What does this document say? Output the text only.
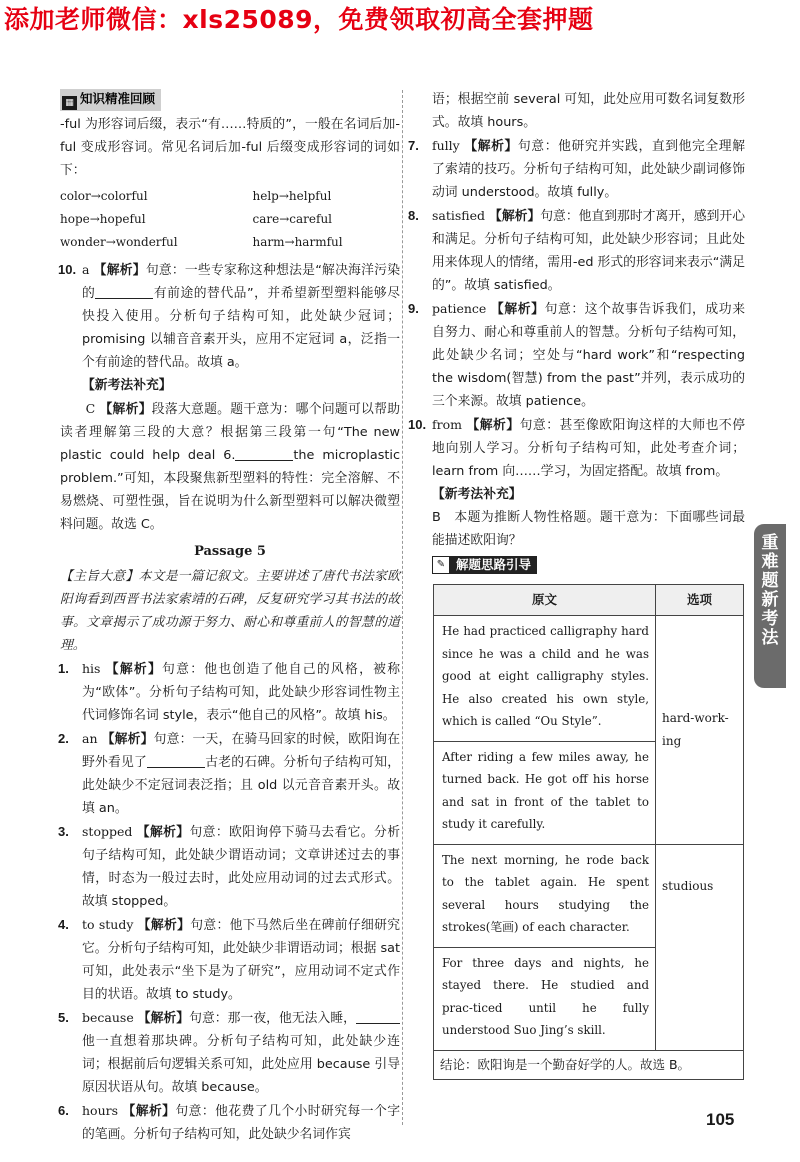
添加老师微信：xls25089，免费领取初高全套押题
▦ 知识精准回顾

-ful 为形容词后缀，表示“有……特质的”，一般在名词后加-ful 变成形容词。常见名词后加-ful 后缀变成形容词的词如下：

color→colorful	help→helpful
hope→hopeful	care→careful
wonder→wonderful	harm→harmful

10. a 【解析】句意：一些专家称这种想法是“解决海洋污染的	有前途的替代品”，并希望新型塑料能够尽快投入使用。分析句子结构可知，此处缺少冠词；promising 以辅音音素开头，应用不定冠词 a，泛指一个有前途的替代品。故填 a。

【新考法补充】

C 【解析】段落大意题。题干意为：哪个问题可以帮助读者理解第三段的大意？根据第三段第一句“The new plastic could help deal 6.	the microplastic problem.”可知，本段聚焦新型塑料的特性：完全溶解、不易燃烧、可塑性强，旨在说明为什么新型塑料可以解决微塑料问题。故选 C。

Passage 5

【主旨大意】本文是一篇记叙文。主要讲述了唐代书法家欧阳询看到西晋书法家索靖的石碑，反复研究学习其书法的故事。文章揭示了成功源于努力、耐心和尊重前人的智慧的道理。

1. his 【解析】句意：他也创造了他自己的风格，被称为“欧体”。分析句子结构可知，此处缺少形容词性物主代词修饰名词 style，表示“他自己的风格”。故填 his。

2. an 【解析】句意：一天，在骑马回家的时候，欧阳询在野外看见了	古老的石碑。分析句子结构可知，此处缺少不定冠词表泛指；且 old 以元音音素开头。故填 an。

3. stopped 【解析】句意：欧阳询停下骑马去看它。分析句子结构可知，此处缺少谓语动词；文章讲述过去的事情，时态为一般过去时，此处应用动词的过去式形式。故填 stopped。

4. to study 【解析】句意：他下马然后坐在碑前仔细研究它。分析句子结构可知，此处缺少非谓语动词；根据 sat 可知，此处表示“坐下是为了研究”，应用动词不定式作目的状语。故填 to study。

5. because 【解析】句意：那一夜，他无法入睡，他一直想着那块碑。分析句子结构可知，此处缺少连词；根据前后句逻辑关系可知，此处应用 because 引导原因状语从句。故填 because。

6. hours 【解析】句意：他花费了几个小时研究每一个字的笔画。分析句子结构可知，此处缺少名词作宾

语；根据空前 several 可知，此处应用可数名词复数形式。故填 hours。

7. fully 【解析】句意：他研究并实践，直到他完全理解了索靖的技巧。分析句子结构可知，此处缺少副词修饰动词 understood。故填 fully。

8. satisfied 【解析】句意：他直到那时才离开，感到开心和满足。分析句子结构可知，此处缺少形容词；且此处用来体现人的情绪，需用-ed 形式的形容词来表示“满足的”。故填 satisfied。

9. patience 【解析】句意：这个故事告诉我们，成功来自努力、耐心和尊重前人的智慧。分析句子结构可知，此处缺少名词；空处与“hard work”和“respecting the wisdom(智慧) from the past”并列，表示成功的三个来源。故填 patience。

10. from 【解析】句意：甚至像欧阳询这样的大师也不停地向别人学习。分析句子结构可知，此处考查介词；learn from 向……学习，为固定搭配。故填 from。

【新考法补充】

B　本题为推断人物性格题。题干意为：下面哪些词最能描述欧阳询？

✎ 解题思路引导
原文	选项
He had practiced calligraphy hard since he was a child and he was good at eight calligraphy styles. He also created his own style, which is called “Ou Style”.	hard-work-ing
After riding a few miles away, he turned back. He got off his horse and sat in front of the tablet to study it carefully.	
The next morning, he rode back to the tablet again. He spent several hours studying the strokes(笔画) of each character.	studious
For three days and nights, he stayed there. He studied and prac-ticed until he fully understood Suo Jing’s skill.	
结论：欧阳询是一个勤奋好学的人。故选 B。	
重
难
题
新
考
法
105
